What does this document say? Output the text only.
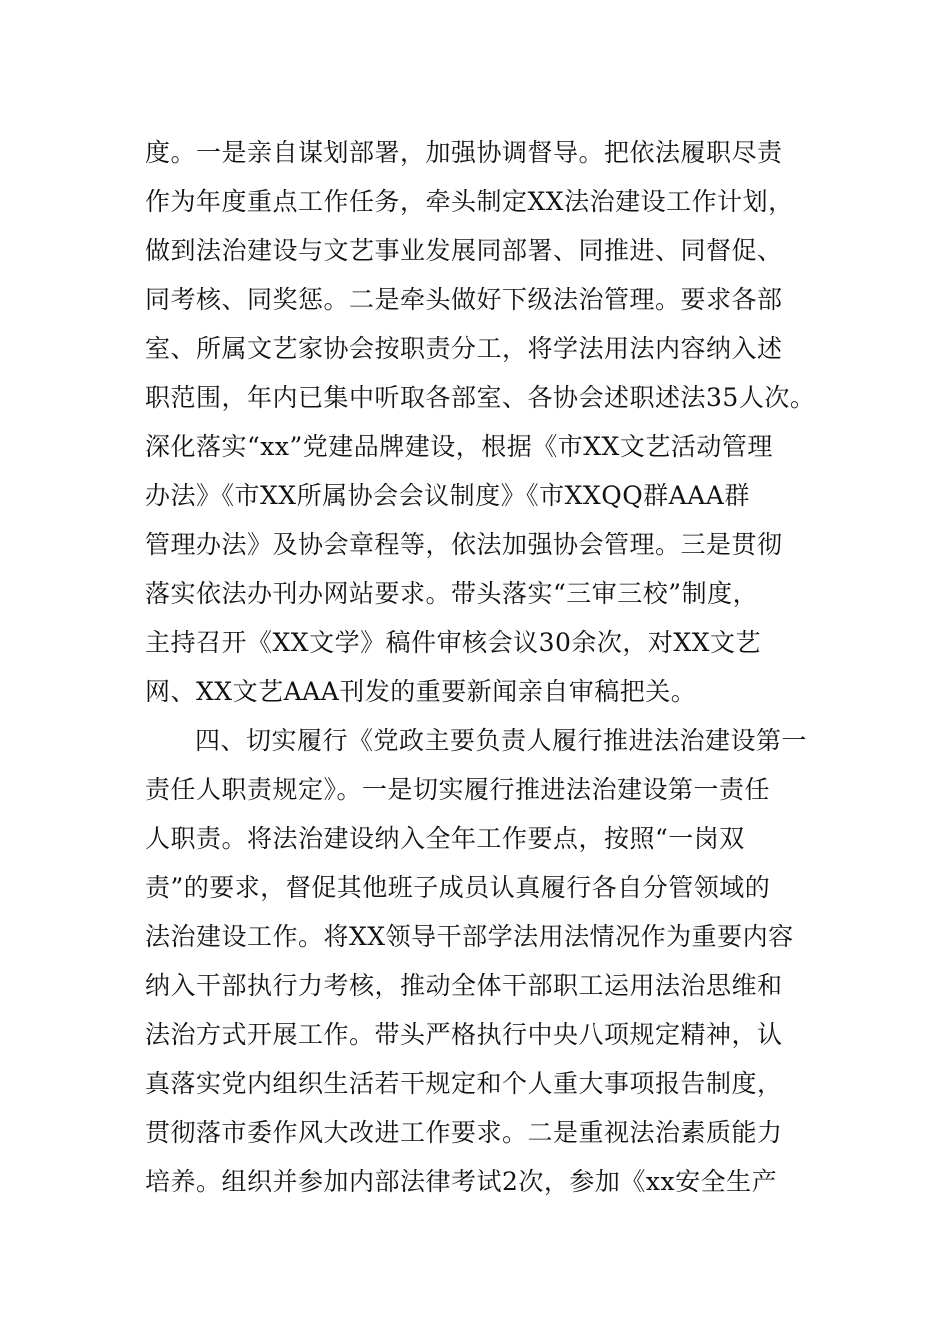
度。一是亲自谋划部署，加强协调督导。把依法履职尽责
作为年度重点工作任务，牵头制定XX法治建设工作计划，
做到法治建设与文艺事业发展同部署、同推进、同督促、
同考核、同奖惩。二是牵头做好下级法治管理。要求各部
室、所属文艺家协会按职责分工，将学法用法内容纳入述
职范围，年内已集中听取各部室、各协会述职述法35人次。
深化落实“xx”党建品牌建设，根据《市XX文艺活动管理
办法》《市XX所属协会会议制度》《市XXQQ群AAA群
管理办法》及协会章程等，依法加强协会管理。三是贯彻
落实依法办刊办网站要求。带头落实“三审三校”制度，
主持召开《XX文学》稿件审核会议30余次，对XX文艺
网、XX文艺AAA刊发的重要新闻亲自审稿把关。
四、切实履行《党政主要负责人履行推进法治建设第一
责任人职责规定》。一是切实履行推进法治建设第一责任
人职责。将法治建设纳入全年工作要点，按照“一岗双
责”的要求，督促其他班子成员认真履行各自分管领域的
法治建设工作。将XX领导干部学法用法情况作为重要内容
纳入干部执行力考核，推动全体干部职工运用法治思维和
法治方式开展工作。带头严格执行中央八项规定精神，认
真落实党内组织生活若干规定和个人重大事项报告制度，
贯彻落市委作风大改进工作要求。二是重视法治素质能力
培养。组织并参加内部法律考试2次，参加《xx安全生产
